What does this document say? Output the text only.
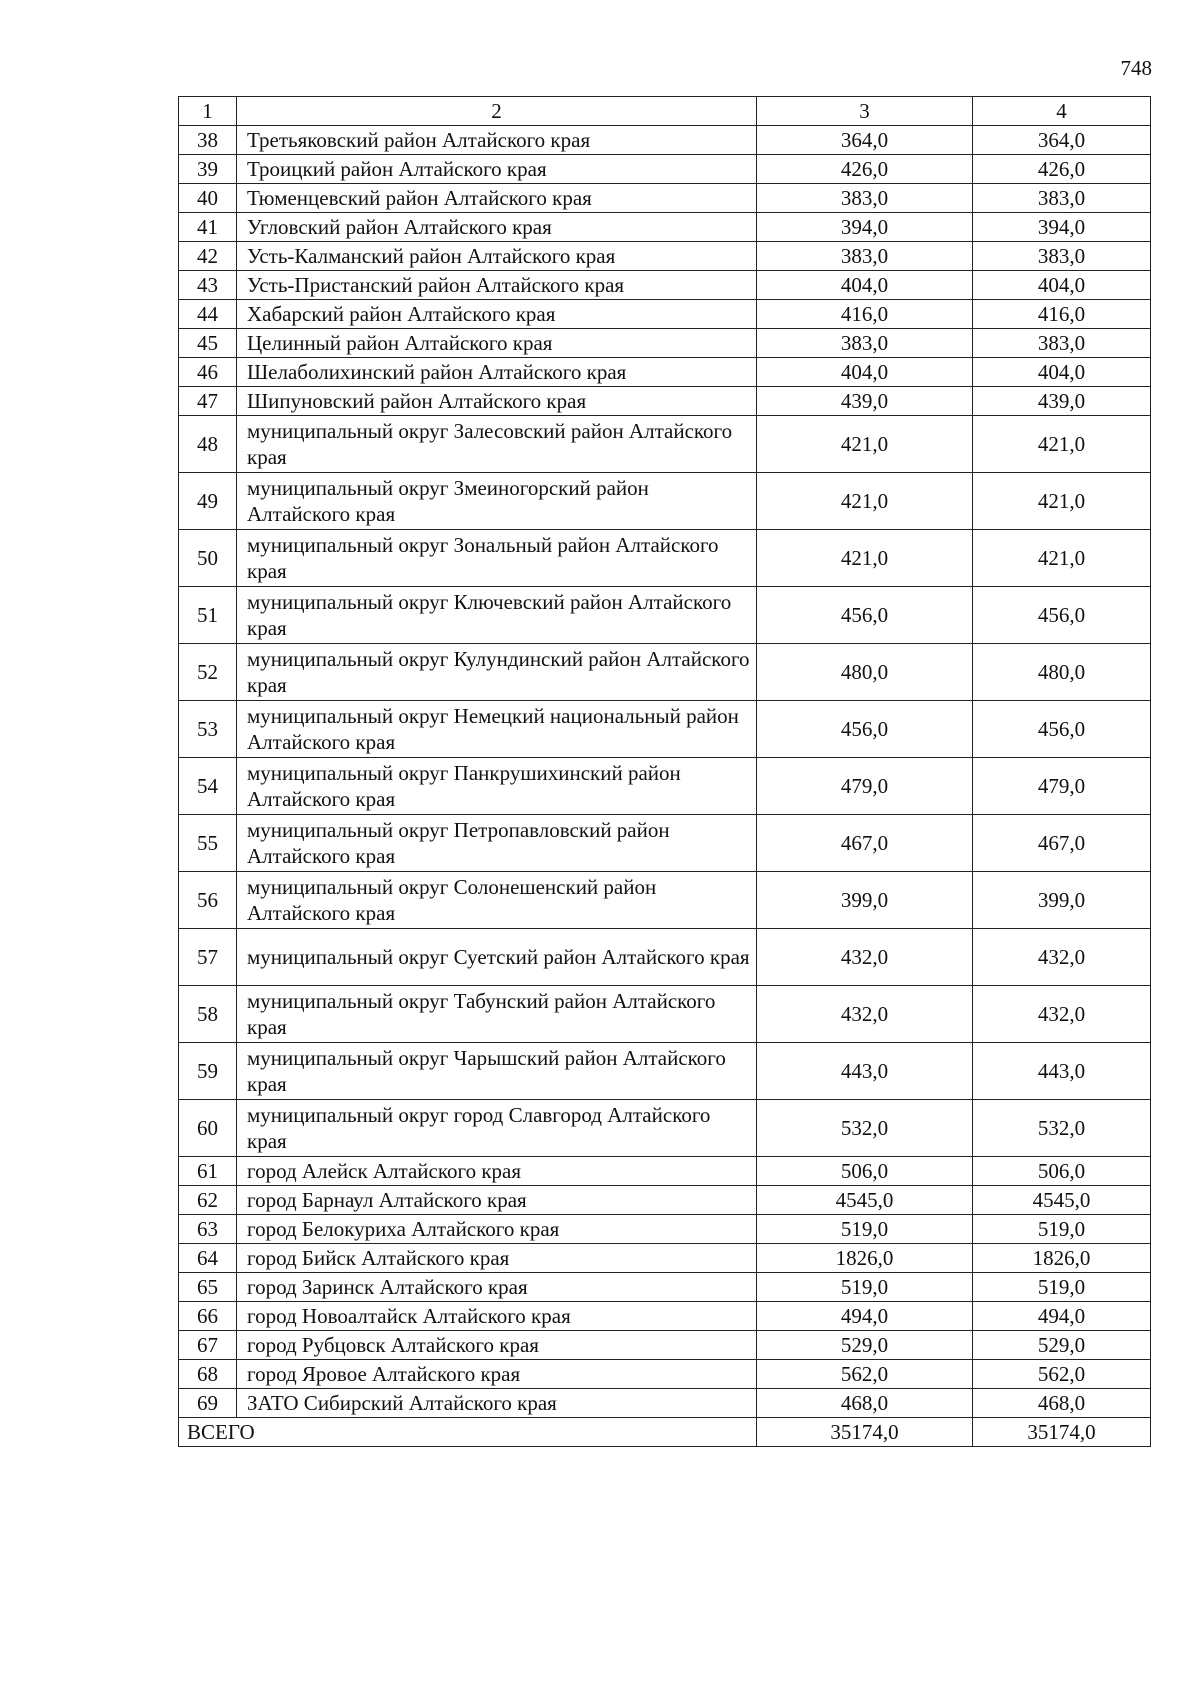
748
1	2	3	4
38	Третьяковский район Алтайского края	364,0	364,0
39	Троицкий район Алтайского края	426,0	426,0
40	Тюменцевский район Алтайского края	383,0	383,0
41	Угловский район Алтайского края	394,0	394,0
42	Усть-Калманский район Алтайского края	383,0	383,0
43	Усть-Пристанский район Алтайского края	404,0	404,0
44	Хабарский район Алтайского края	416,0	416,0
45	Целинный район Алтайского края	383,0	383,0
46	Шелаболихинский район Алтайского края	404,0	404,0
47	Шипуновский район Алтайского края	439,0	439,0
48	муниципальный округ Залесовский район Алтайского края	421,0	421,0
49	муниципальный округ Змеиногорский район Алтайского края	421,0	421,0
50	муниципальный округ Зональный район Алтайского края	421,0	421,0
51	муниципальный округ Ключевский район Алтайского края	456,0	456,0
52	муниципальный округ Кулундинский район Алтайского края	480,0	480,0
53	муниципальный округ Немецкий национальный район Алтайского края	456,0	456,0
54	муниципальный округ Панкрушихинский район Алтайского края	479,0	479,0
55	муниципальный округ Петропавловский район Алтайского края	467,0	467,0
56	муниципальный округ Солонешенский район Алтайского края	399,0	399,0
57	муниципальный округ Суетский район Алтайского края	432,0	432,0
58	муниципальный округ Табунский район Алтайского края	432,0	432,0
59	муниципальный округ Чарышский район Алтайского края	443,0	443,0
60	муниципальный округ город Славгород Алтайского края	532,0	532,0
61	город Алейск Алтайского края	506,0	506,0
62	город Барнаул Алтайского края	4545,0	4545,0
63	город Белокуриха Алтайского края	519,0	519,0
64	город Бийск Алтайского края	1826,0	1826,0
65	город Заринск Алтайского края	519,0	519,0
66	город Новоалтайск Алтайского края	494,0	494,0
67	город Рубцовск Алтайского края	529,0	529,0
68	город Яровое Алтайского края	562,0	562,0
69	ЗАТО Сибирский Алтайского края	468,0	468,0
ВСЕГО		35174,0	35174,0
